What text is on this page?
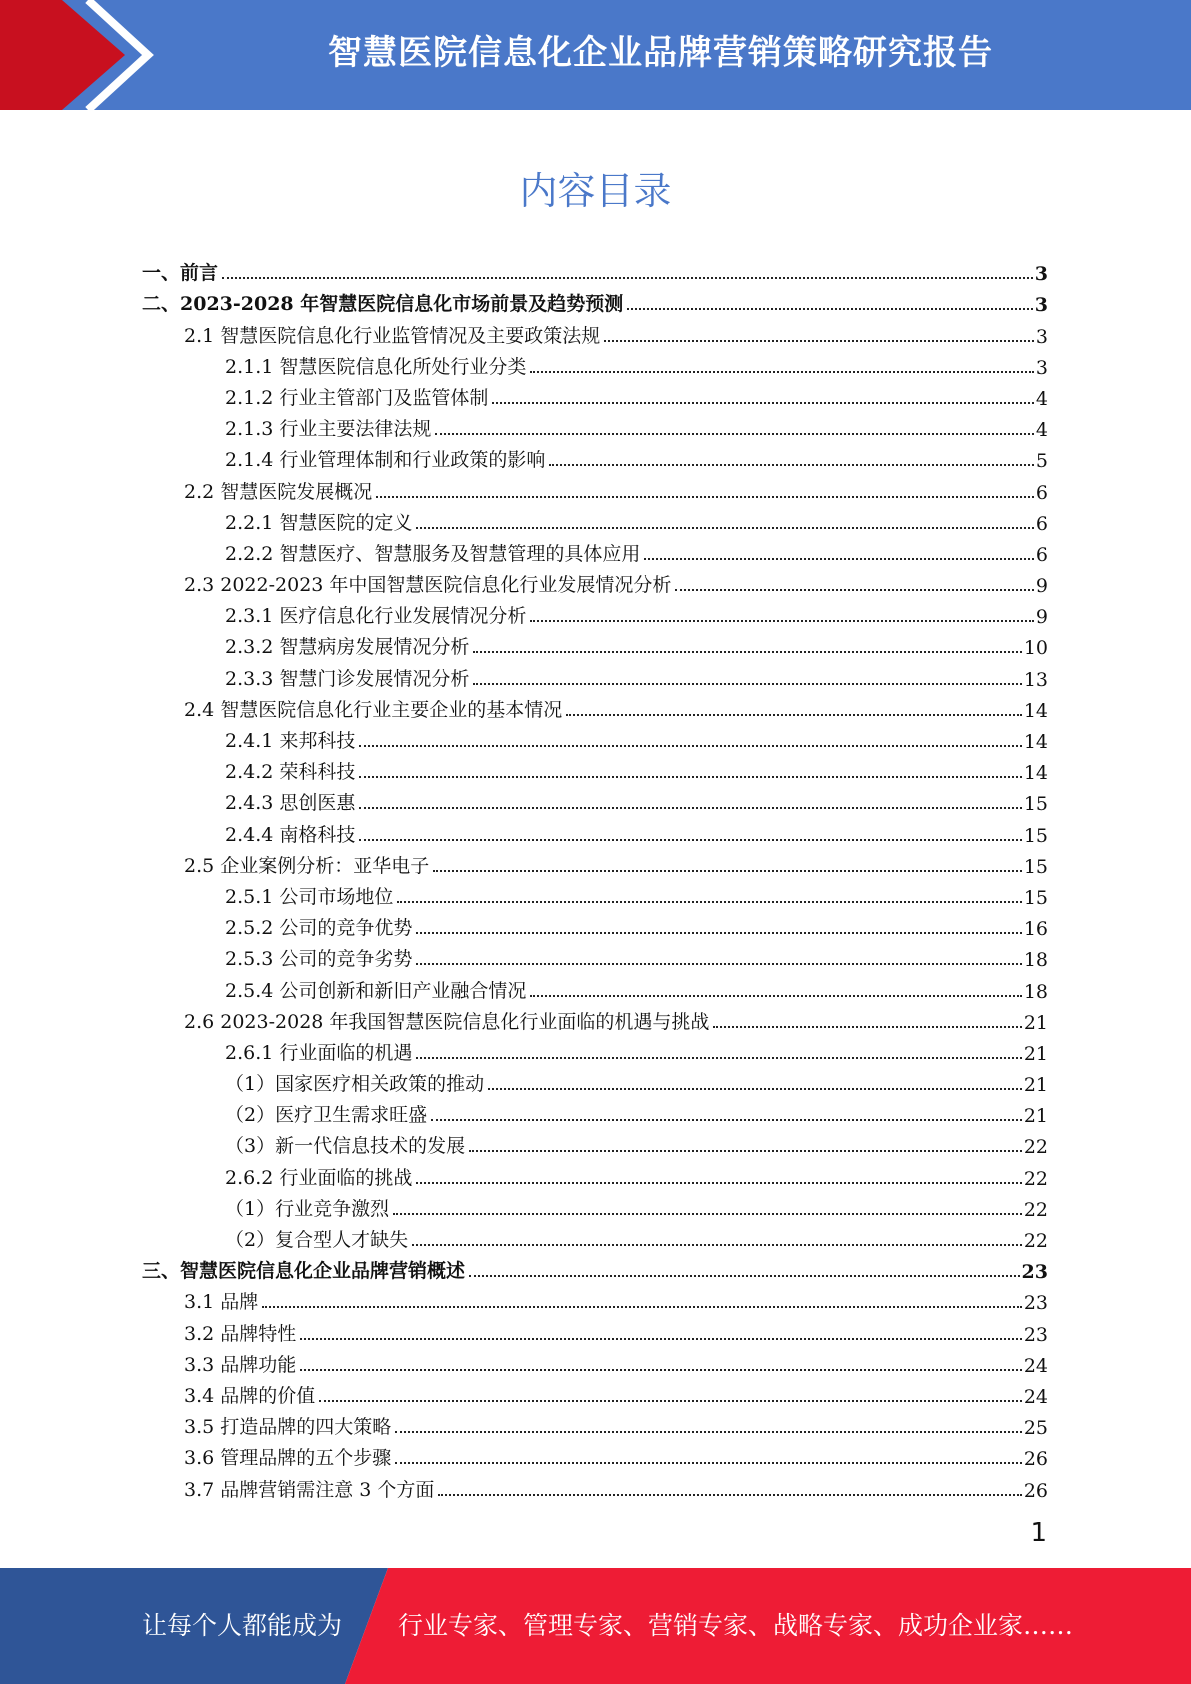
智慧医院信息化企业品牌营销策略研究报告
内容目录
一、前言	3
二、2023-2028 年智慧医院信息化市场前景及趋势预测	3
2.1 智慧医院信息化行业监管情况及主要政策法规	3
2.1.1 智慧医院信息化所处行业分类	3
2.1.2 行业主管部门及监管体制	4
2.1.3 行业主要法律法规	4
2.1.4 行业管理体制和行业政策的影响	5
2.2 智慧医院发展概况	6
2.2.1 智慧医院的定义	6
2.2.2 智慧医疗、智慧服务及智慧管理的具体应用	6
2.3 2022-2023 年中国智慧医院信息化行业发展情况分析	9
2.3.1 医疗信息化行业发展情况分析	9
2.3.2 智慧病房发展情况分析	10
2.3.3 智慧门诊发展情况分析	13
2.4 智慧医院信息化行业主要企业的基本情况	14
2.4.1 来邦科技	14
2.4.2 荣科科技	14
2.4.3 思创医惠	15
2.4.4 南格科技	15
2.5 企业案例分析：亚华电子	15
2.5.1 公司市场地位	15
2.5.2 公司的竞争优势	16
2.5.3 公司的竞争劣势	18
2.5.4 公司创新和新旧产业融合情况	18
2.6 2023-2028 年我国智慧医院信息化行业面临的机遇与挑战	21
2.6.1 行业面临的机遇	21
（1）国家医疗相关政策的推动	21
（2）医疗卫生需求旺盛	21
（3）新一代信息技术的发展	22
2.6.2 行业面临的挑战	22
（1）行业竞争激烈	22
（2）复合型人才缺失	22
三、智慧医院信息化企业品牌营销概述	23
3.1 品牌	23
3.2 品牌特性	23
3.3 品牌功能	24
3.4 品牌的价值	24
3.5 打造品牌的四大策略	25
3.6 管理品牌的五个步骤	26
3.7 品牌营销需注意 3 个方面	26
1
让每个人都能成为 行业专家、管理专家、营销专家、战略专家、成功企业家……
